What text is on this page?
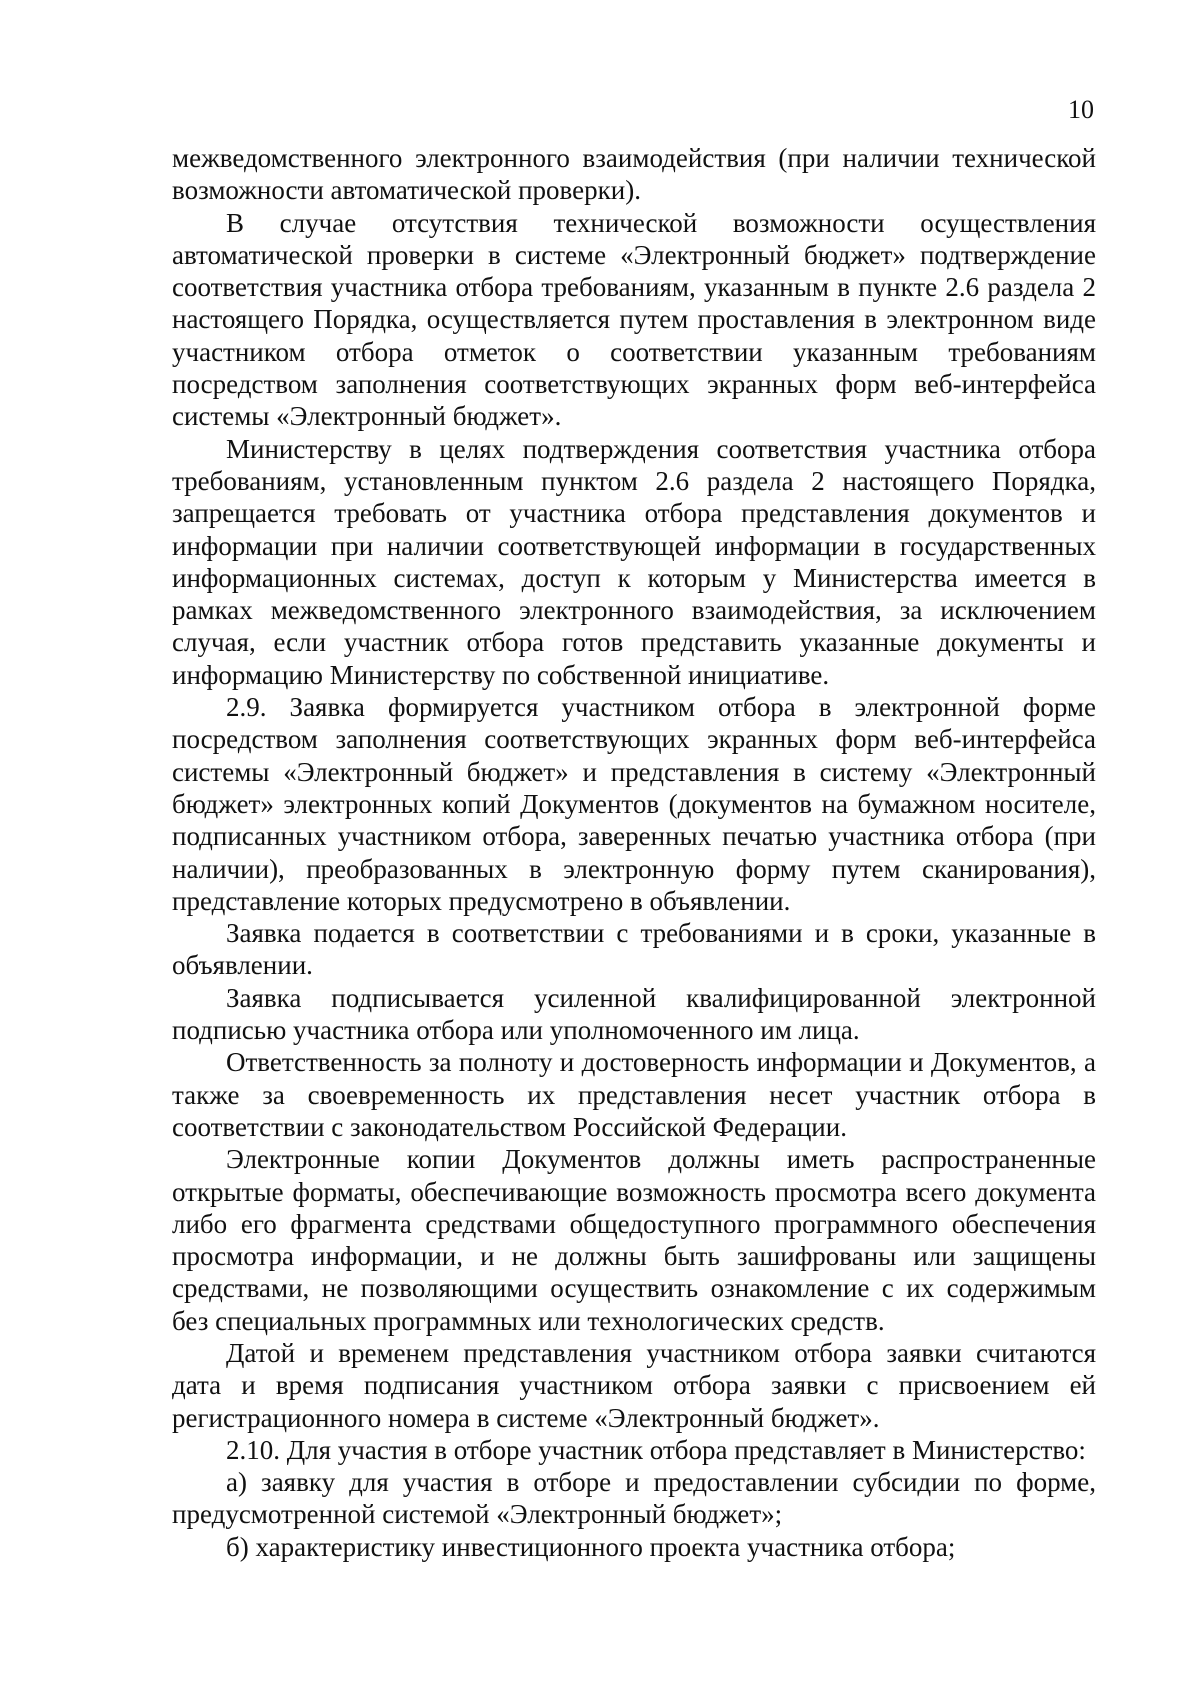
10

межведомственного электронного взаимодействия (при наличии технической возможности автоматической проверки).

В случае отсутствия технической возможности осуществления автоматической проверки в системе «Электронный бюджет» подтверждение соответствия участника отбора требованиям, указанным в пункте 2.6 раздела 2 настоящего Порядка, осуществляется путем проставления в электронном виде участником отбора отметок о соответствии указанным требованиям посредством заполнения соответствующих экранных форм веб-интерфейса системы «Электронный бюджет».

Министерству в целях подтверждения соответствия участника отбора требованиям, установленным пунктом 2.6 раздела 2 настоящего Порядка, запрещается требовать от участника отбора представления документов и информации при наличии соответствующей информации в государственных информационных системах, доступ к которым у Министерства имеется в рамках межведомственного электронного взаимодействия, за исключением случая, если участник отбора готов представить указанные документы и информацию Министерству по собственной инициативе.

2.9. Заявка формируется участником отбора в электронной форме посредством заполнения соответствующих экранных форм веб-интерфейса системы «Электронный бюджет» и представления в систему «Электронный бюджет» электронных копий Документов (документов на бумажном носителе, подписанных участником отбора, заверенных печатью участника отбора (при наличии), преобразованных в электронную форму путем сканирования), представление которых предусмотрено в объявлении.

Заявка подается в соответствии с требованиями и в сроки, указанные в объявлении.

Заявка подписывается усиленной квалифицированной электронной подписью участника отбора или уполномоченного им лица.

Ответственность за полноту и достоверность информации и Документов, а также за своевременность их представления несет участник отбора в соответствии с законодательством Российской Федерации.

Электронные копии Документов должны иметь распространенные открытые форматы, обеспечивающие возможность просмотра всего документа либо его фрагмента средствами общедоступного программного обеспечения просмотра информации, и не должны быть зашифрованы или защищены средствами, не позволяющими осуществить ознакомление с их содержимым без специальных программных или технологических средств.

Датой и временем представления участником отбора заявки считаются дата и время подписания участником отбора заявки с присвоением ей регистрационного номера в системе «Электронный бюджет».

2.10. Для участия в отборе участник отбора представляет в Министерство:

а) заявку для участия в отборе и предоставлении субсидии по форме, предусмотренной системой «Электронный бюджет»;

б) характеристику инвестиционного проекта участника отбора;
